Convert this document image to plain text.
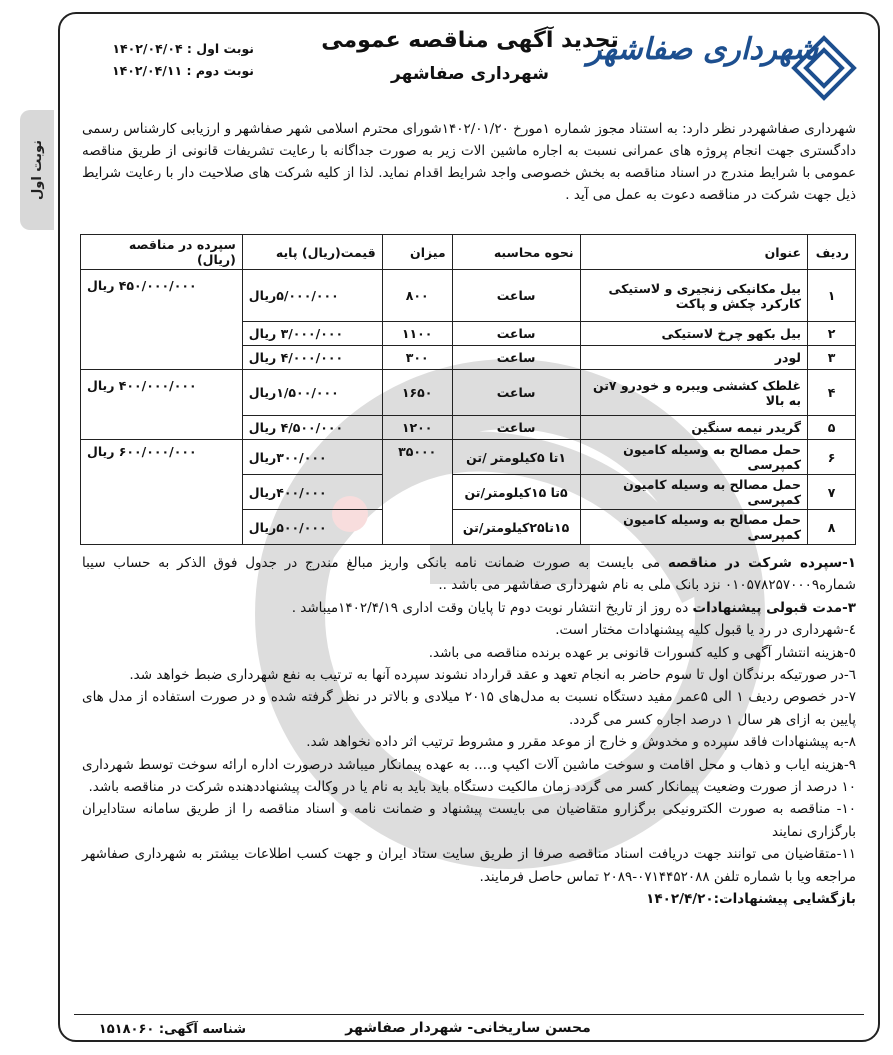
نوبت اول
شهرداری صفاشهر
تجدید آگهی مناقصه عمومی
شهرداری صفاشهر
نوبت اول : ۱۴۰۲/۰۴/۰۴
نوبت دوم : ۱۴۰۲/۰۴/۱۱
شهرداری صفاشهردر نظر دارد: به استناد مجوز شماره ۱مورخ ۱۴۰۲/۰۱/۲۰شورای محترم اسلامی شهر صفاشهر و ارزیابی کارشناس رسمی دادگستری جهت انجام پروژه های عمرانی نسبت به اجاره ماشین الات زیر به صورت جداگانه با رعایت تشریفات قانونی از طریق مناقصه عمومی با شرایط مندرج در اسناد مناقصه به بخش خصوصی واجد شرایط اقدام نماید. لذا از کلیه شرکت های صلاحیت دار با رعایت شرایط ذیل جهت شرکت در مناقصه دعوت به عمل می آید .
ردیف	عنوان	نحوه محاسبه	میزان	قیمت(ریال) پایه	سپرده در مناقصه (ریال)
۱	بیل مکانیکی زنجیری و لاستیکی کارکرد چکش و پاکت	ساعت	۸۰۰	۵/۰۰۰/۰۰۰ریال	۴۵۰/۰۰۰/۰۰۰ ریال
۲	بیل بکهو چرخ لاستیکی	ساعت	۱۱۰۰	۳/۰۰۰/۰۰۰ ریال	
۳	لودر	ساعت	۳۰۰	۴/۰۰۰/۰۰۰ ریال	
۴	غلطک کششی ویبره و خودرو ۷تن به بالا	ساعت	۱۶۵۰	۱/۵۰۰/۰۰۰ریال	۴۰۰/۰۰۰/۰۰۰ ریال
۵	گریدر نیمه سنگین	ساعت	۱۲۰۰	۴/۵۰۰/۰۰۰ ریال	
۶	حمل مصالح به وسیله کامیون کمپرسی	۱تا ۵کیلومتر /تن	۳۵۰۰۰	۳۰۰/۰۰۰ریال	۶۰۰/۰۰۰/۰۰۰ ریال
۷	حمل مصالح به وسیله کامیون کمپرسی	۵تا ۱۵کیلومتر/تن		۴۰۰/۰۰۰ریال	
۸	حمل مصالح به وسیله کامیون کمپرسی	۱۵تا۲۵کیلومتر/تن		۵۰۰/۰۰۰ریال	

۱-سپرده شرکت در مناقصه می بایست به صورت ضمانت نامه بانکی واریز مبالغ مندرج در جدول فوق الذکر به حساب سیبا شماره۰۱۰۵۷۸۲۵۷۰۰۰۹ نزد بانک ملی به نام شهرداری صفاشهر می باشد ..

۳-مدت قبولی پیشنهادات ده روز از تاریخ انتشار نوبت دوم تا پایان وقت اداری ۱۴۰۲/۴/۱۹میباشد .

٤-شهرداری در رد یا قبول کلیه پیشنهادات مختار است.

٥-هزینه انتشار آگهی و کلیه کسورات قانونی بر عهده برنده مناقصه می باشد.

٦-در صورتیکه برندگان اول تا سوم حاضر به انجام تعهد و عقد قرارداد نشوند سپرده آنها به ترتیب به نفع شهرداری ضبط خواهد شد.

۷-در خصوص ردیف ۱ الی ۵عمر مفید دستگاه نسبت به مدل‌های ۲۰۱۵ میلادی و بالاتر در نظر گرفته شده و در صورت استفاده از مدل های پایین به ازای هر سال ۱ درصد اجاره کسر می گردد.

۸-به پیشنهادات فاقد سپرده و مخدوش و خارج از موعد مقرر و مشروط ترتیب اثر داده نخواهد شد.

۹-هزینه ایاب و ذهاب و محل اقامت و سوخت ماشین آلات اکیپ و.... به عهده پیمانکار میباشد درصورت اداره ارائه سوخت توسط شهرداری ۱۰ درصد از صورت وضعیت پیمانکار کسر می گردد زمان مالکیت دستگاه باید باید به نام یا در وکالت پیشنهاددهنده شرکت در مناقصه باشد.

۱۰- مناقصه به صورت الکترونیکی برگزارو متقاضیان می بایست پیشنهاد و ضمانت نامه و اسناد مناقصه را از طریق سامانه ستادایران بارگزاری نمایند

۱۱-متقاضیان می توانند جهت دریافت اسناد مناقصه صرفا از طریق سایت ستاد ایران و جهت کسب اطلاعات بیشتر به شهرداری صفاشهر مراجعه ویا با شماره تلفن ۰۷۱۴۴۵۲۰۸۸-۲۰۸۹ تماس حاصل فرمایند.

بازگشایی پیشنهادات:۱۴۰۲/۴/۲۰

محسن ساریخانی- شهردار صفاشهر
شناسه آگهی: ۱۵۱۸۰۶۰
